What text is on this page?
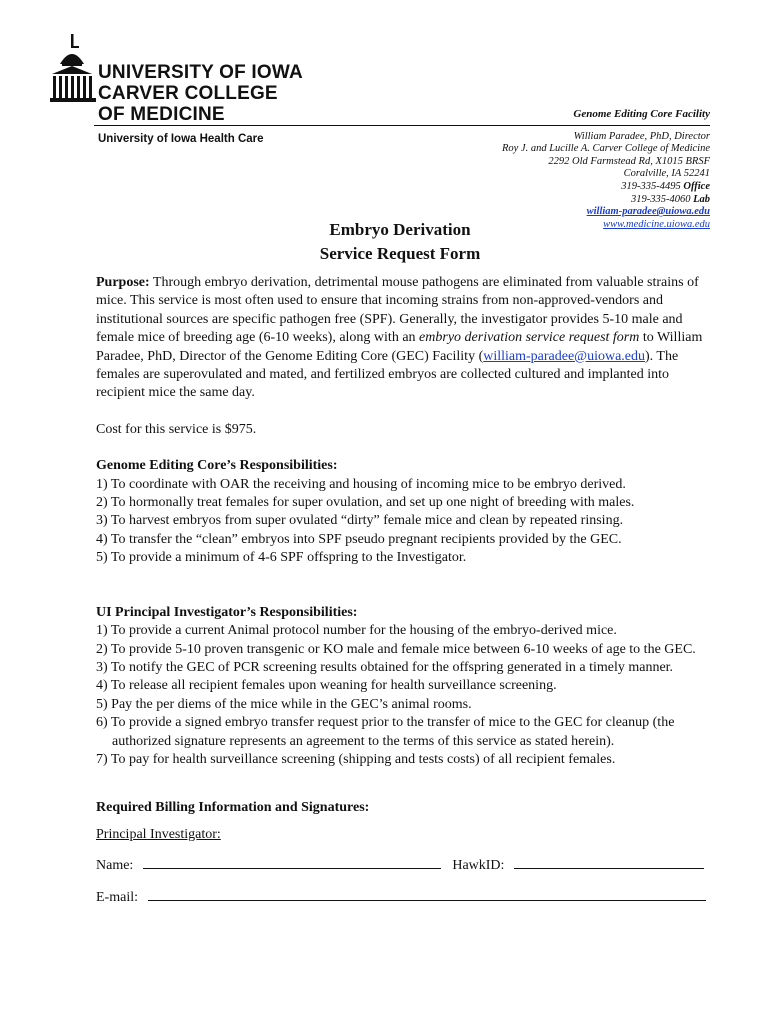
UNIVERSITY OF IOWA
CARVER COLLEGE
OF MEDICINE
University of Iowa Health Care
Genome Editing Core Facility
William Paradee, PhD, Director
Roy J. and Lucille A. Carver College of Medicine
2292 Old Farmstead Rd, X1015 BRSF
Coralville, IA 52241
319-335-4495 Office
319-335-4060 Lab
william-paradee@uiowa.edu
www.medicine.uiowa.edu
Embryo Derivation
Service Request Form

Purpose: Through embryo derivation, detrimental mouse pathogens are eliminated from valuable strains of mice. This service is most often used to ensure that incoming strains from non-approved-vendors and institutional sources are specific pathogen free (SPF). Generally, the investigator provides 5-10 male and female mice of breeding age (6-10 weeks), along with an embryo derivation service request form to William Paradee, PhD, Director of the Genome Editing Core (GEC) Facility (william-paradee@uiowa.edu). The females are superovulated and mated, and fertilized embryos are collected cultured and implanted into recipient mice the same day.

Cost for this service is $975.

Genome Editing Core’s Responsibilities:

1) To coordinate with OAR the receiving and housing of incoming mice to be embryo derived.
2) To hormonally treat females for super ovulation, and set up one night of breeding with males.
3) To harvest embryos from super ovulated “dirty” female mice and clean by repeated rinsing.
4) To transfer the “clean” embryos into SPF pseudo pregnant recipients provided by the GEC.
5) To provide a minimum of 4-6 SPF offspring to the Investigator.

UI Principal Investigator’s Responsibilities:

1) To provide a current Animal protocol number for the housing of the embryo-derived mice.
2) To provide 5-10 proven transgenic or KO male and female mice between 6-10 weeks of age to the GEC.
3) To notify the GEC of PCR screening results obtained for the offspring generated in a timely manner.
4) To release all recipient females upon weaning for health surveillance screening.
5) Pay the per diems of the mice while in the GEC’s animal rooms.
6) To provide a signed embryo transfer request prior to the transfer of mice to the GEC for cleanup (the authorized signature represents an agreement to the terms of this service as stated herein).
7) To pay for health surveillance screening (shipping and tests costs) of all recipient females.

Required Billing Information and Signatures:

Principal Investigator:

Name:	HawkID:

E-mail:
